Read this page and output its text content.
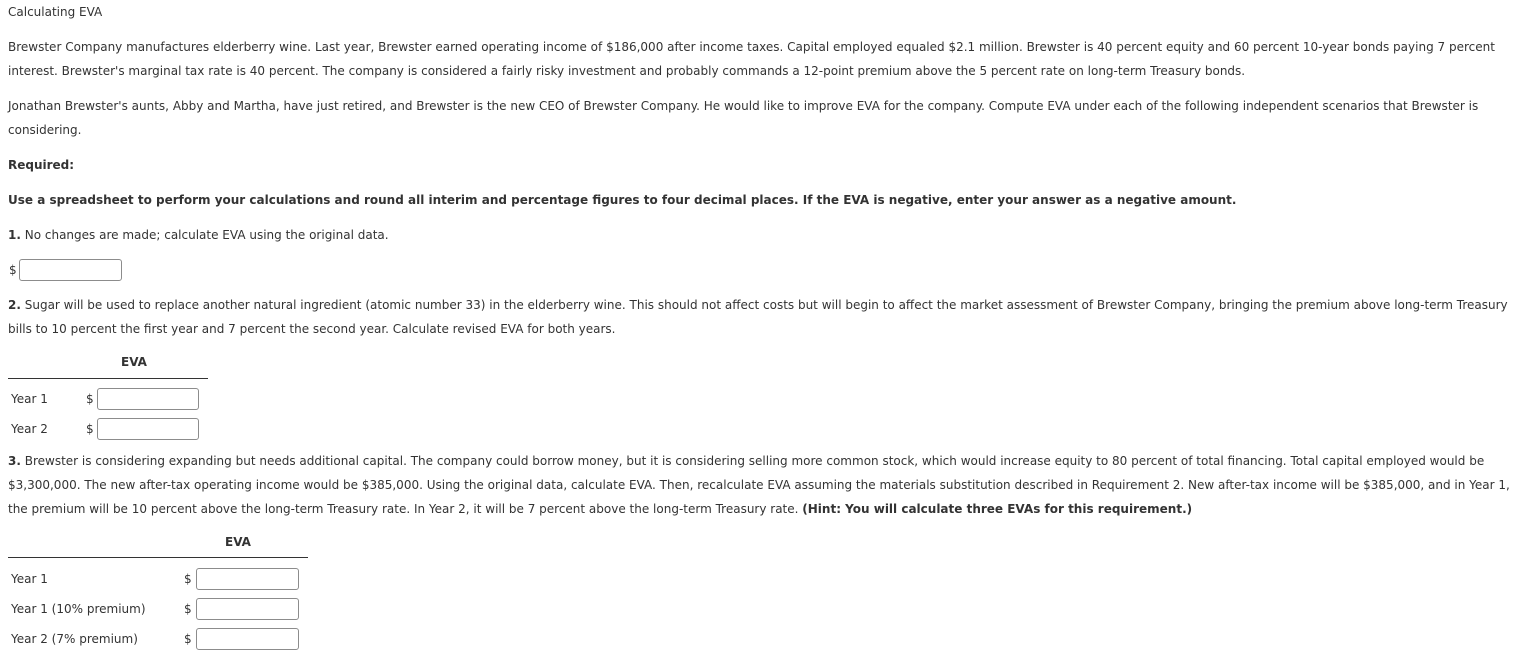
Calculating EVA

Brewster Company manufactures elderberry wine. Last year, Brewster earned operating income of $186,000 after income taxes. Capital employed equaled $2.1 million. Brewster is 40 percent equity and 60 percent 10-year bonds paying 7 percent interest. Brewster's marginal tax rate is 40 percent. The company is considered a fairly risky investment and probably commands a 12-point premium above the 5 percent rate on long-term Treasury bonds.

Jonathan Brewster's aunts, Abby and Martha, have just retired, and Brewster is the new CEO of Brewster Company. He would like to improve EVA for the company. Compute EVA under each of the following independent scenarios that Brewster is considering.

Required:
Use a spreadsheet to perform your calculations and round all interim and percentage figures to four decimal places. If the EVA is negative, enter your answer as a negative amount.
1. No changes are made; calculate EVA using the original data.
$

2. Sugar will be used to replace another natural ingredient (atomic number 33) in the elderberry wine. This should not affect costs but will begin to affect the market assessment of Brewster Company, bringing the premium above long-term Treasury bills to 10 percent the first year and 7 percent the second year. Calculate revised EVA for both years.

EVA
Year 1	$
Year 2	$

3. Brewster is considering expanding but needs additional capital. The company could borrow money, but it is considering selling more common stock, which would increase equity to 80 percent of total financing. Total capital employed would be $3,300,000. The new after-tax operating income would be $385,000. Using the original data, calculate EVA. Then, recalculate EVA assuming the materials substitution described in Requirement 2. New after-tax income will be $385,000, and in Year 1, the premium will be 10 percent above the long-term Treasury rate. In Year 2, it will be 7 percent above the long-term Treasury rate. (Hint: You will calculate three EVAs for this requirement.)

EVA
Year 1	$
Year 1 (10% premium)	$
Year 2 (7% premium)	$
